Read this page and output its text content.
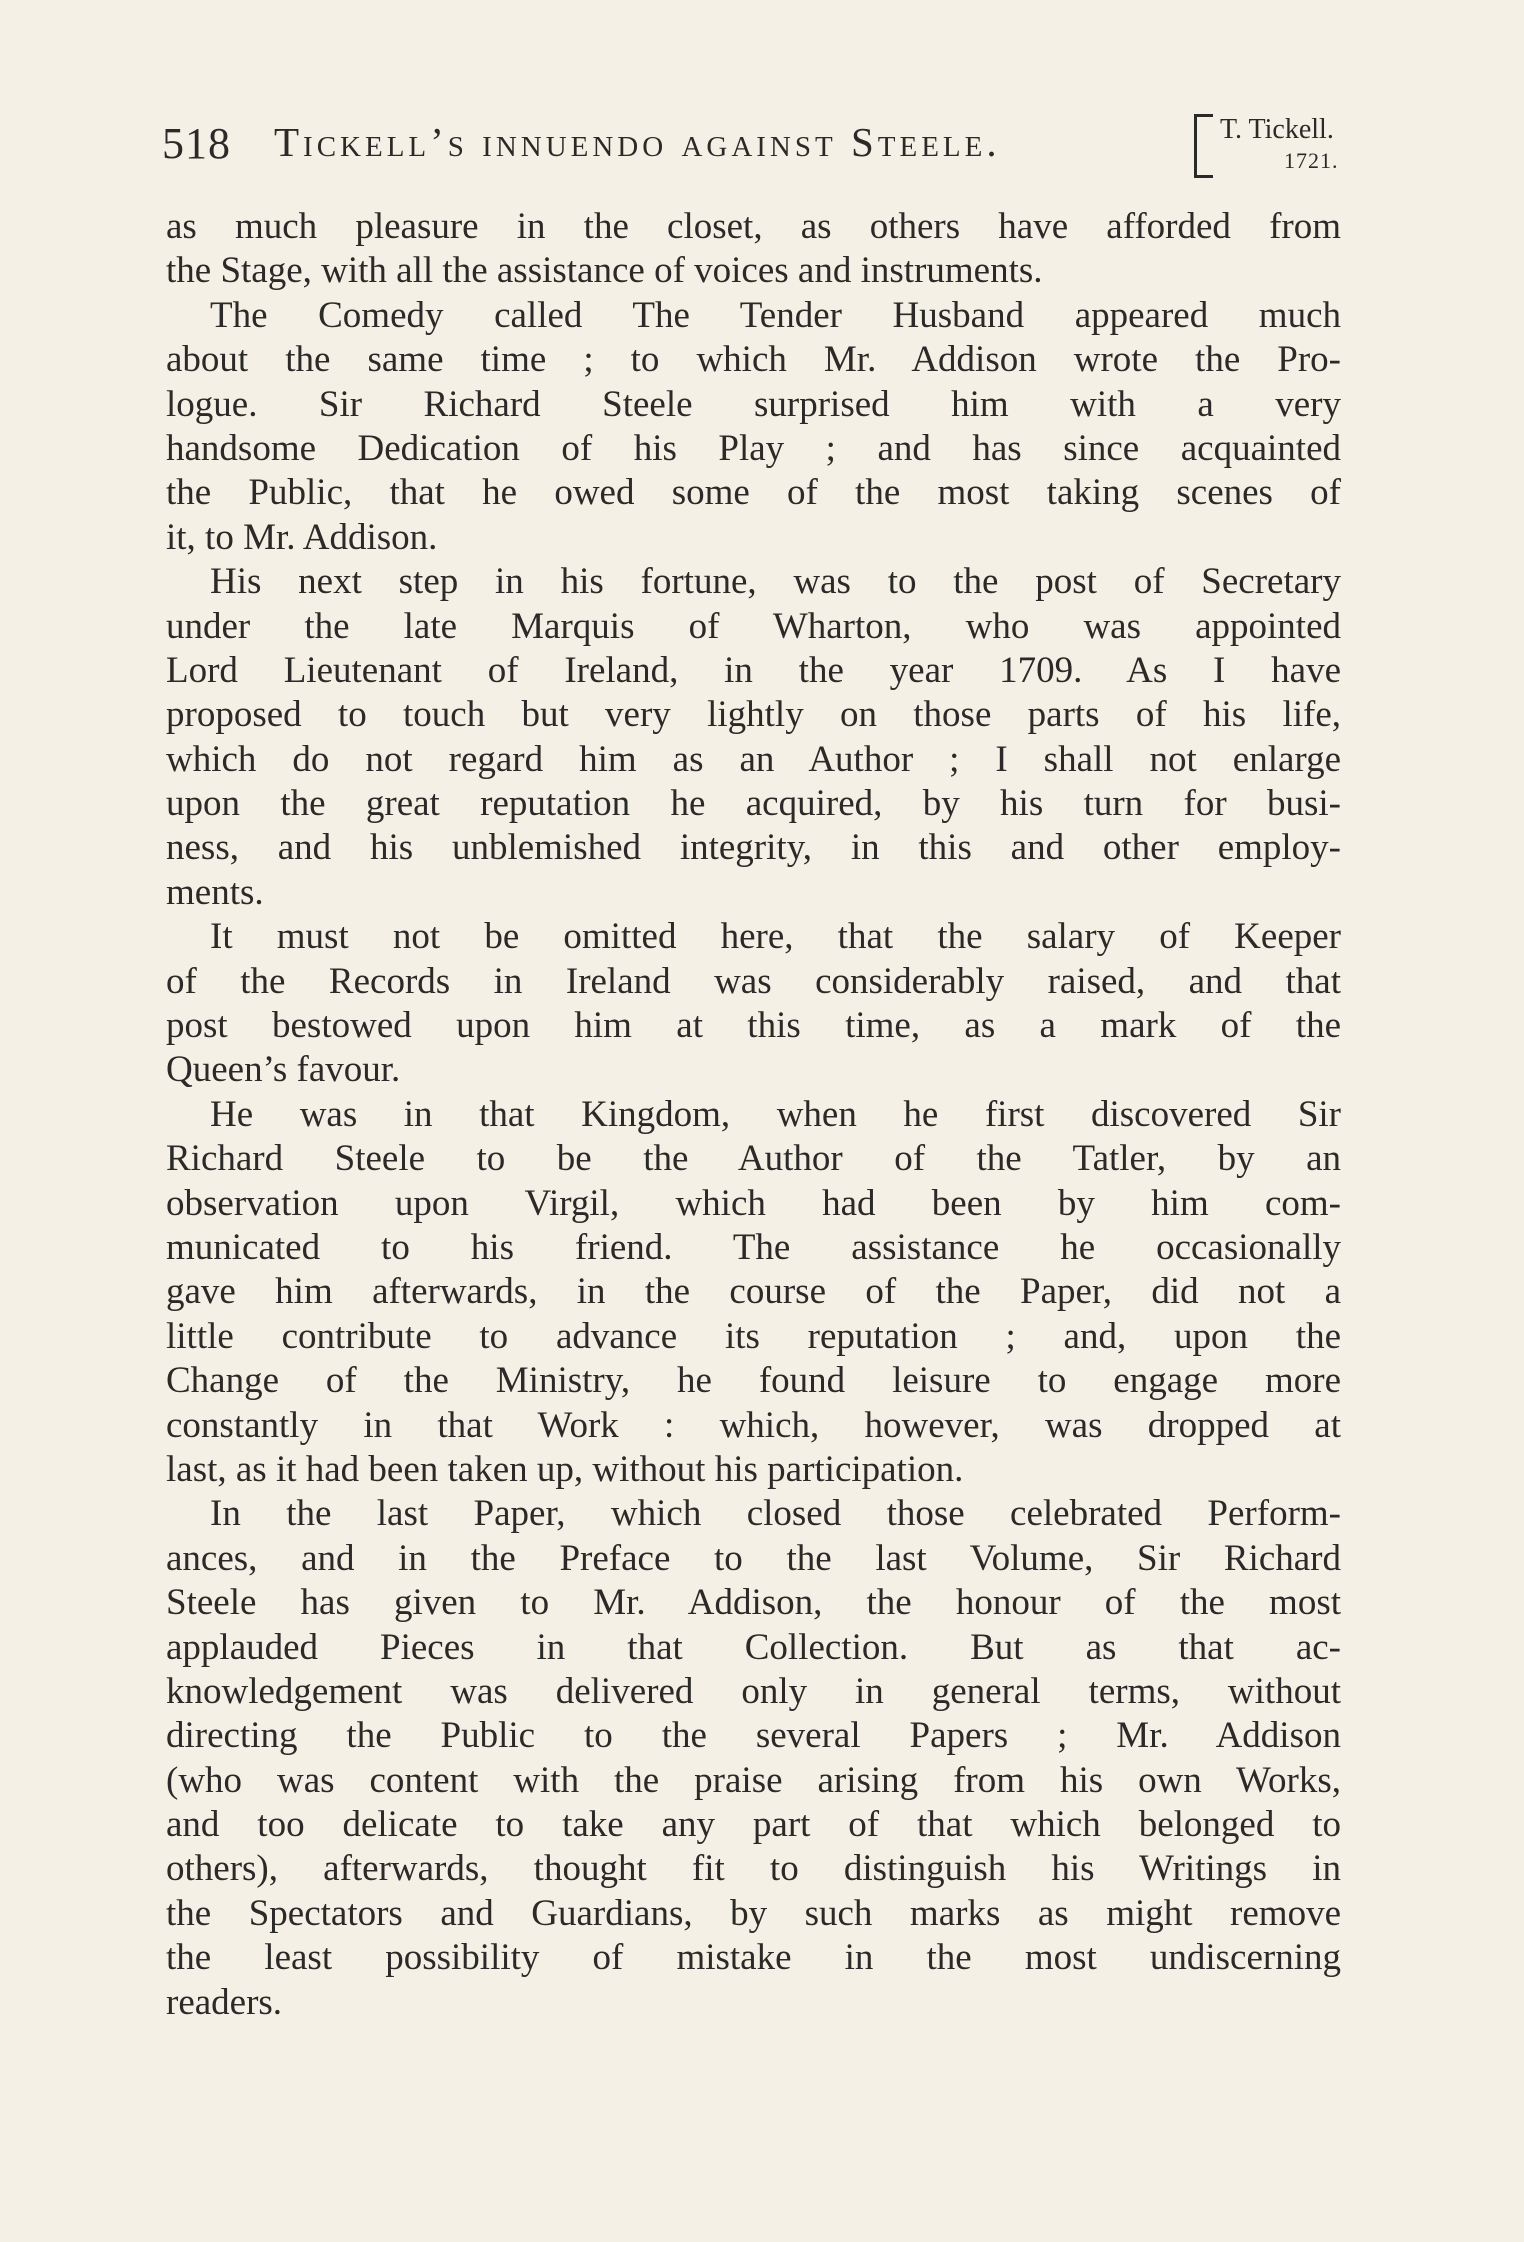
518 Tickell’s innuendo against Steele.	T. Tickell.
1721.
as much pleasure in the closet, as others have afforded from
the Stage, with all the assistance of voices and instruments.
The Comedy called The Tender Husband appeared much
about the same time ; to which Mr. Addison wrote the Pro-
logue. Sir Richard Steele surprised him with a very
handsome Dedication of his Play ; and has since acquainted
the Public, that he owed some of the most taking scenes of
it, to Mr. Addison.
His next step in his fortune, was to the post of Secretary
under the late Marquis of Wharton, who was appointed
Lord Lieutenant of Ireland, in the year 1709. As I have
proposed to touch but very lightly on those parts of his life,
which do not regard him as an Author ; I shall not enlarge
upon the great reputation he acquired, by his turn for busi-
ness, and his unblemished integrity, in this and other employ-
ments.
It must not be omitted here, that the salary of Keeper
of the Records in Ireland was considerably raised, and that
post bestowed upon him at this time, as a mark of the
Queen’s favour.
He was in that Kingdom, when he first discovered Sir
Richard Steele to be the Author of the Tatler, by an
observation upon Virgil, which had been by him com-
municated to his friend. The assistance he occasionally
gave him afterwards, in the course of the Paper, did not a
little contribute to advance its reputation ; and, upon the
Change of the Ministry, he found leisure to engage more
constantly in that Work : which, however, was dropped at
last, as it had been taken up, without his participation.
In the last Paper, which closed those celebrated Perform-
ances, and in the Preface to the last Volume, Sir Richard
Steele has given to Mr. Addison, the honour of the most
applauded Pieces in that Collection. But as that ac-
knowledgement was delivered only in general terms, without
directing the Public to the several Papers ; Mr. Addison
(who was content with the praise arising from his own Works,
and too delicate to take any part of that which belonged to
others), afterwards, thought fit to distinguish his Writings in
the Spectators and Guardians, by such marks as might remove
the least possibility of mistake in the most undiscerning
readers.
